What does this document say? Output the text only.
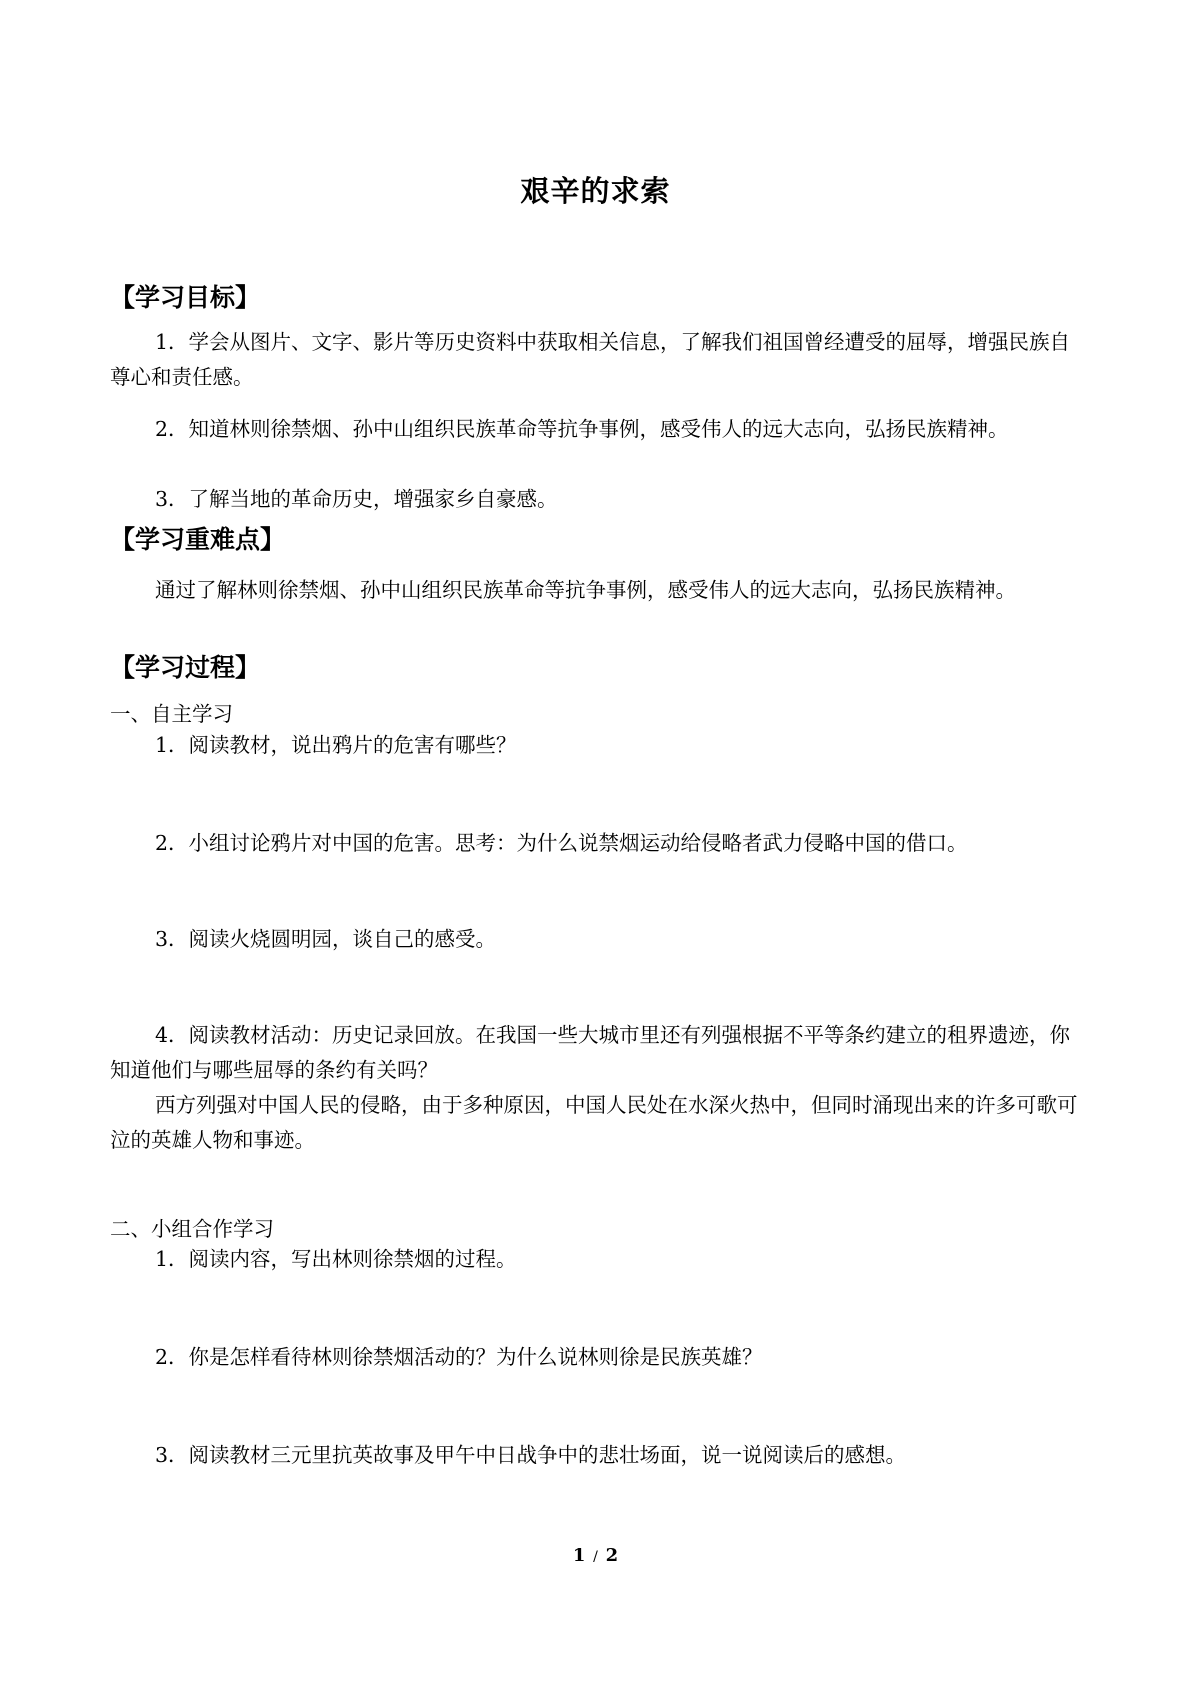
艰辛的求索
【学习目标】
1．学会从图片、文字、影片等历史资料中获取相关信息，了解我们祖国曾经遭受的屈辱，增强民族自尊心和责任感。
2．知道林则徐禁烟、孙中山组织民族革命等抗争事例，感受伟人的远大志向，弘扬民族精神。
3．了解当地的革命历史，增强家乡自豪感。
【学习重难点】
通过了解林则徐禁烟、孙中山组织民族革命等抗争事例，感受伟人的远大志向，弘扬民族精神。
【学习过程】
一、自主学习
1．阅读教材，说出鸦片的危害有哪些？
2．小组讨论鸦片对中国的危害。思考：为什么说禁烟运动给侵略者武力侵略中国的借口。
3．阅读火烧圆明园，谈自己的感受。
4．阅读教材活动：历史记录回放。在我国一些大城市里还有列强根据不平等条约建立的租界遗迹，你知道他们与哪些屈辱的条约有关吗？
西方列强对中国人民的侵略，由于多种原因，中国人民处在水深火热中，但同时涌现出来的许多可歌可泣的英雄人物和事迹。
二、小组合作学习
1．阅读内容，写出林则徐禁烟的过程。
2．你是怎样看待林则徐禁烟活动的？为什么说林则徐是民族英雄？
3．阅读教材三元里抗英故事及甲午中日战争中的悲壮场面，说一说阅读后的感想。
1 / 2
